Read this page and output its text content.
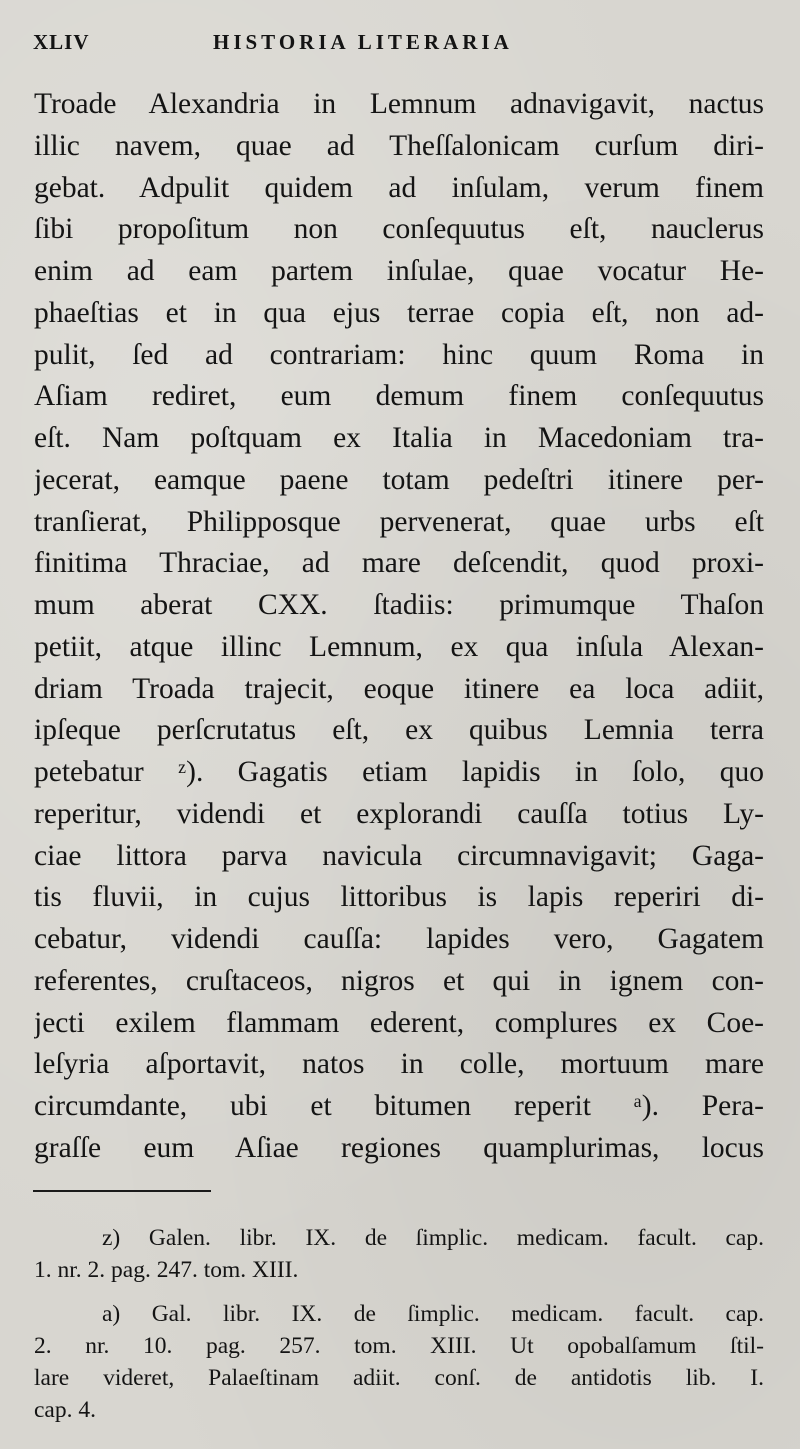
XLIV	HISTORIA LITERARIA
Troade Alexandria in Lemnum adnavigavit, nactus
illic navem, quae ad Theſſalonicam curſum diri-
gebat. Adpulit quidem ad inſulam, verum finem
ſibi propoſitum non conſequutus eſt, nauclerus
enim ad eam partem inſulae, quae vocatur He-
phaeſtias et in qua ejus terrae copia eſt, non ad-
pulit, ſed ad contrariam: hinc quum Roma in
Aſiam rediret, eum demum finem conſequutus
eſt. Nam poſtquam ex Italia in Macedoniam tra-
jecerat, eamque paene totam pedeſtri itinere per-
tranſierat, Philipposque pervenerat, quae urbs eſt
finitima Thraciae, ad mare deſcendit, quod proxi-
mum aberat CXX. ſtadiis: primumque Thaſon
petiit, atque illinc Lemnum, ex qua inſula Alexan-
driam Troada trajecit, eoque itinere ea loca adiit,
ipſeque perſcrutatus eſt, ex quibus Lemnia terra
petebatur ᶻ). Gagatis etiam lapidis in ſolo, quo
reperitur, videndi et explorandi cauſſa totius Ly-
ciae littora parva navicula circumnavigavit; Gaga-
tis fluvii, in cujus littoribus is lapis reperiri di-
cebatur, videndi cauſſa: lapides vero, Gagatem
referentes, cruſtaceos, nigros et qui in ignem con-
jecti exilem flammam ederent, complures ex Coe-
leſyria aſportavit, natos in colle, mortuum mare
circumdante, ubi et bitumen reperit ᵃ). Pera-
graſſe eum Aſiae regiones quamplurimas, locus
z) Galen. libr. IX. de ſimplic. medicam. facult. cap.
1. nr. 2. pag. 247. tom. XIII.
a) Gal. libr. IX. de ſimplic. medicam. facult. cap.
2. nr. 10. pag. 257. tom. XIII. Ut opobalſamum ſtil-
lare videret, Palaeſtinam adiit. conſ. de antidotis lib. I.
cap. 4.
